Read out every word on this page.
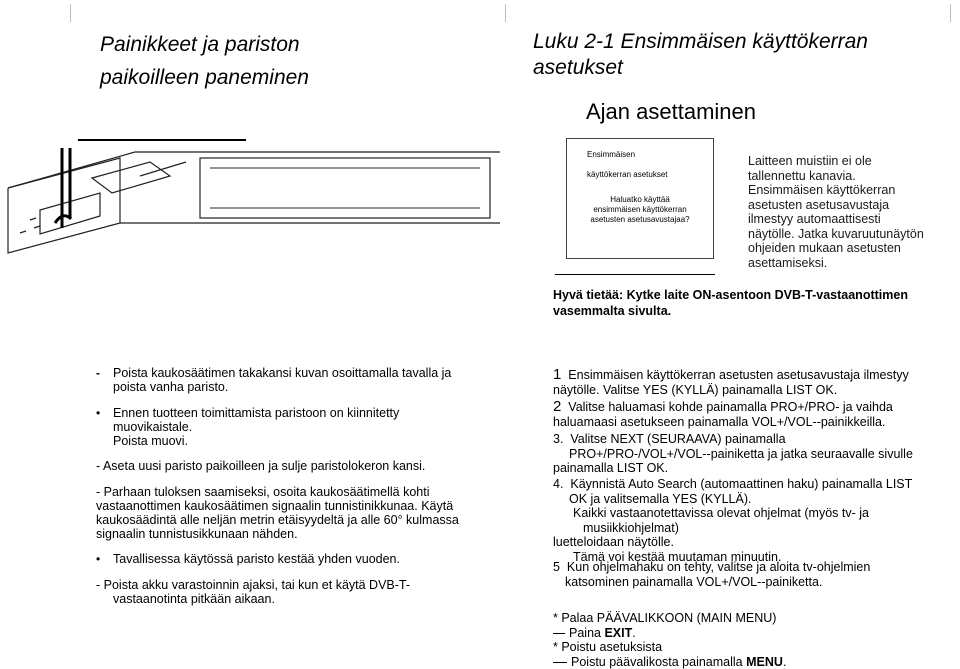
Painikkeet ja pariston
paikoilleen paneminen
Luku 2-1 Ensimmäisen käyttökerran
asetukset
Ajan asettaminen
Ensimmäisen
käyttökerran asetukset
Haluatko käyttää
ensimmäisen käyttökerran
asetusten asetusavustajaa?
Laitteen muistiin ei ole
tallennettu kanavia.
Ensimmäisen käyttökerran
asetusten asetusavustaja
ilmestyy automaattisesti
näytölle. Jatka kuvaruutunäytön
ohjeiden mukaan asetusten
asettamiseksi.
Hyvä tietää: Kytke laite ON-asentoon DVB-T-vastaanottimen
vasemmalta sivulta.
- Poista kaukosäätimen takakansi kuvan osoittamalla tavalla ja
poista vanha paristo.
• Ennen tuotteen toimittamista paristoon on kiinnitetty
muovikaistale.
Poista muovi.
- Aseta uusi paristo paikoilleen ja sulje paristolokeron kansi.
- Parhaan tuloksen saamiseksi, osoita kaukosäätimellä kohti
vastaanottimen kaukosäätimen signaalin tunnistinikkunaa. Käytä
kaukosäädintä alle neljän metrin etäisyydeltä ja alle 60° kulmassa
signaalin tunnistusikkunaan nähden.
• Tavallisessa käytössä paristo kestää yhden vuoden.
- Poista akku varastoinnin ajaksi, tai kun et käytä DVB-T-
vastaanotinta pitkään aikaan.
1 Ensimmäisen käyttökerran asetusten asetusavustaja ilmestyy
näytölle. Valitse YES (KYLLÄ) painamalla LIST OK.
2 Valitse haluamasi kohde painamalla PRO+/PRO- ja vaihda
haluamaasi asetukseen painamalla VOL+/VOL--painikkeilla.
3. Valitse NEXT (SEURAAVA) painamalla
PRO+/PRO-/VOL+/VOL--painiketta ja jatka seuraavalle sivulle
painamalla LIST OK.
4. Käynnistä Auto Search (automaattinen haku) painamalla LIST
OK ja valitsemalla YES (KYLLÄ).
Kaikki vastaanotettavissa olevat ohjelmat (myös tv- ja
musiikkiohjelmat)
luetteloidaan näytölle.
Tämä voi kestää muutaman minuutin.
5 Kun ohjelmahaku on tehty, valitse ja aloita tv-ohjelmien
katsominen painamalla VOL+/VOL--painiketta.
* Palaa PÄÄVALIKKOON (MAIN MENU)
Paina EXIT.
* Poistu asetuksista
Poistu päävalikosta painamalla MENU.
